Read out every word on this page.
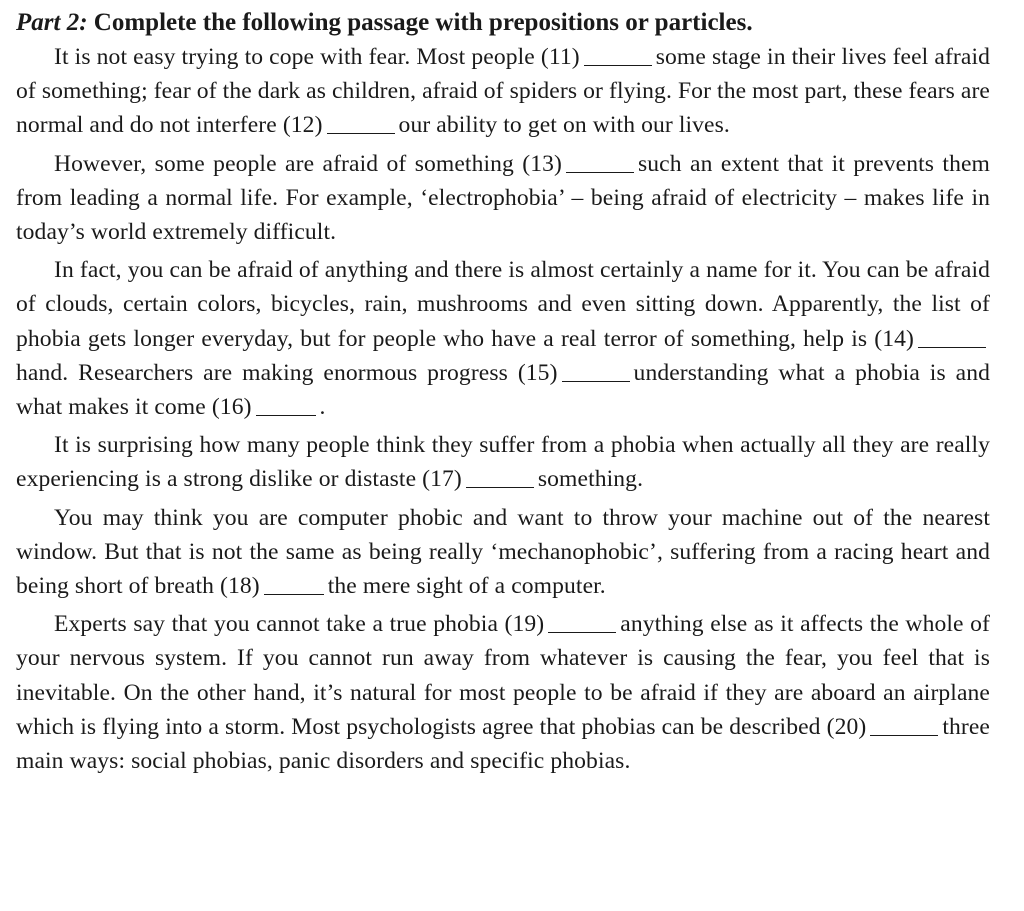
Part 2: Complete the following passage with prepositions or particles.

It is not easy trying to cope with fear. Most people (11)	some stage in their lives feel afraid of something; fear of the dark as children, afraid of spiders or flying. For the most part, these fears are normal and do not interfere (12)	our ability to get on with our lives.

However, some people are afraid of something (13)	such an extent that it prevents them from leading a normal life. For example, ‘electrophobia’ – being afraid of electricity – makes life in today’s world extremely difficult.

In fact, you can be afraid of anything and there is almost certainly a name for it. You can be afraid of clouds, certain colors, bicycles, rain, mushrooms and even sitting down. Apparently, the list of phobia gets longer everyday, but for people who have a real terror of something, help is (14)hand. Researchers are making enormous progress (15)	understanding what a phobia is and what makes it come (16)	.

It is surprising how many people think they suffer from a phobia when actually all they are really experiencing is a strong dislike or distaste (17)	something.

You may think you are computer phobic and want to throw your machine out of the nearest window. But that is not the same as being really ‘mechanophobic’, suffering from a racing heart and being short of breath (18)	the mere sight of a computer.

Experts say that you cannot take a true phobia (19)	anything else as it affects the whole of your nervous system. If you cannot run away from whatever is causing the fear, you feel that is inevitable. On the other hand, it’s natural for most people to be afraid if they are aboard an airplane which is flying into a storm. Most psychologists agree that phobias can be described (20)	three main ways: social phobias, panic disorders and specific phobias.
